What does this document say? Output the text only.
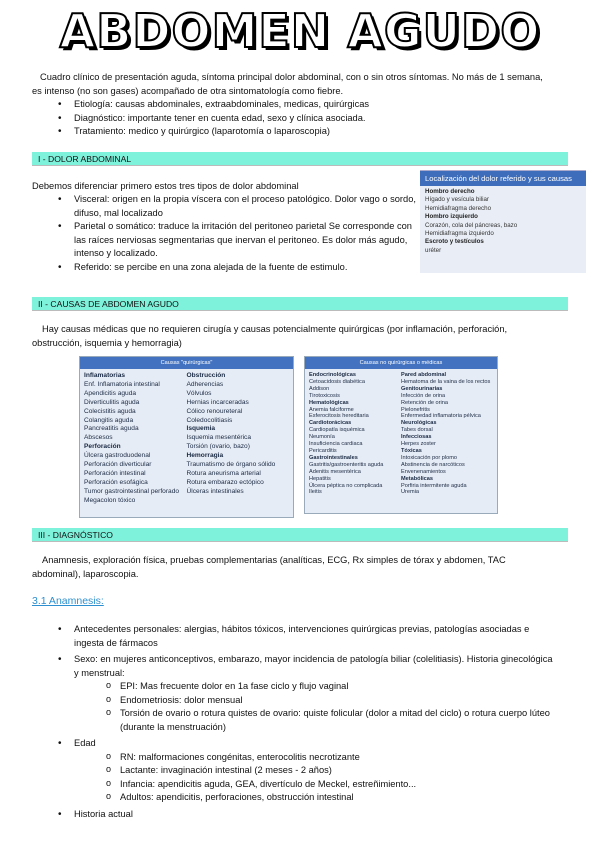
ABDOMEN AGUDO
Cuadro clínico de presentación aguda, síntoma principal dolor abdominal, con o sin otros síntomas. No más de 1 semana, es intenso (no son gases) acompañado de otra sintomatología como fiebre.
• Etiología: causas abdominales, extraabdominales, medicas, quirúrgicas
• Diagnóstico: importante tener en cuenta edad, sexo y clínica asociada.
• Tratamiento: medico y quirúrgico (laparotomía o laparoscopia)
I - DOLOR ABDOMINAL
Debemos diferenciar primero estos tres tipos de dolor abdominal
• Visceral: origen en la propia víscera con el proceso patológico. Dolor vago o sordo, difuso, mal localizado
• Parietal o somático: traduce la irritación del peritoneo parietal Se corresponde con las raíces nerviosas segmentarias que inervan el peritoneo. Es dolor más agudo, intenso y localizado.
• Referido: se percibe en una zona alejada de la fuente de estimulo.
Localización del dolor referido y sus causas
Hombro derecho
Hígado y vesícula biliar
Hemidiafragma derecho
Hombro izquierdo
Corazón, cola del páncreas, bazo
Hemidiafragma izquierdo
Escroto y testículos
uréter
II - CAUSAS DE ABDOMEN AGUDO
Hay causas médicas que no requieren cirugía y causas potencialmente quirúrgicas (por inflamación, perforación, obstrucción, isquemia y hemorragia)
Causas "quirúrgicas"
Inflamatorias
Enf. Inflamatoria intestinal
Apendicitis aguda
Diverticulitis aguda
Colecistitis aguda
Colangitis aguda
Pancreatitis aguda
Abscesos
Perforación
Úlcera gastroduodenal
Perforación diverticular
Perforación intestinal
Perforación esofágica
Tumor gastrointestinal perforado
Megacolon tóxico
Obstrucción
Adherencias
Vólvulos
Hernias incarceradas
Cólico renoureteral
Coledocolitiasis
Isquemia
Isquemia mesentérica
Torsión (ovario, bazo)
Hemorragia
Traumatismo de órgano sólido
Rotura aneurisma arterial
Rotura embarazo ectópico
Úlceras intestinales
Causas no quirúrgicas o médicas
Endocrinológicas
Cetoacidosis diabética
Addison
Tirotoxicosis
Hematológicas
Anemia falciforme
Esferocitosis hereditaria
Cardiotorácicas
Cardiopatía isquémica
Neumonía
Insuficiencia cardiaca
Pericarditis
Gastrointestinales
Gastritis/gastroenteritis aguda
Adenitis mesentérica
Hepatitis
Úlcera péptica no complicada
Ileitis
Pared abdominal
Hematoma de la vaina de los rectos
Genitourinarias
Infección de orina
Retención de orina
Pielonefritis
Enfermedad inflamatoria pélvica
Neurológicas
Tabes dorsal
Infecciosas
Herpes zoster
Tóxicas
Intoxicación por plomo
Abstinencia de narcóticos
Envenenamientos
Metabólicas
Porfiria intermitente aguda
Uremia
III - DIAGNÓSTICO
Anamnesis, exploración física, pruebas complementarias (analíticas, ECG, Rx simples de tórax y abdomen, TAC abdominal), laparoscopia.
3.1 Anamnesis:
• Antecedentes personales: alergias, hábitos tóxicos, intervenciones quirúrgicas previas, patologías asociadas e ingesta de fármacos
• Sexo: en mujeres anticonceptivos, embarazo, mayor incidencia de patología biliar (colelitiasis). Historia ginecológica y menstrual:
o EPI: Mas frecuente dolor en 1a fase ciclo y flujo vaginal
o Endometriosis: dolor mensual
o Torsión de ovario o rotura quistes de ovario: quiste folicular (dolor a mitad del ciclo) o rotura cuerpo lúteo (durante la menstruación)
• Edad
o RN: malformaciones congénitas, enterocolitis necrotizante
o Lactante: invaginación intestinal (2 meses - 2 años)
o Infancia: apendicitis aguda, GEA, divertículo de Meckel, estreñimiento...
o Adultos: apendicitis, perforaciones, obstrucción intestinal
• Historia actual
